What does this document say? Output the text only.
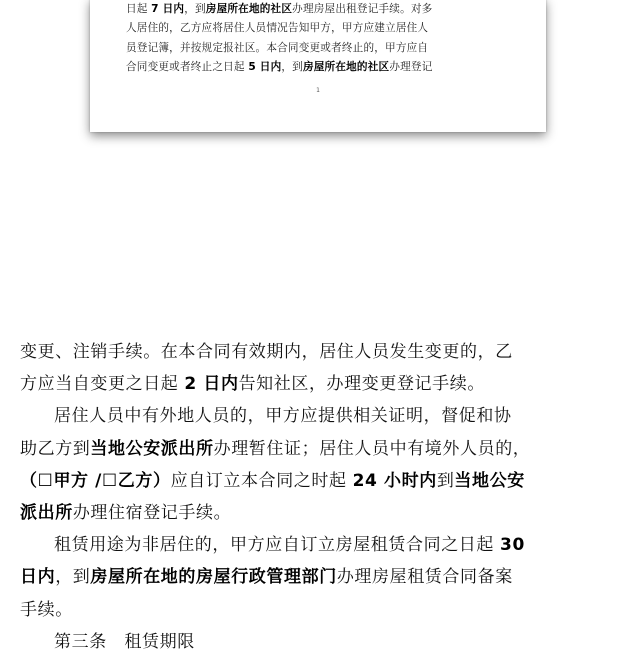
日起 7 日内，到房屋所在地的社区办理房屋出租登记手续。对多
人居住的，乙方应将居住人员情况告知甲方，甲方应建立居住人
员登记簿，并按规定报社区。本合同变更或者终止的，甲方应自
合同变更或者终止之日起 5 日内，到房屋所在地的社区办理登记
1
变更、注销手续。在本合同有效期内，居住人员发生变更的，乙
方应当自变更之日起 2 日内告知社区，办理变更登记手续。
居住人员中有外地人员的，甲方应提供相关证明，督促和协
助乙方到当地公安派出所办理暂住证；居住人员中有境外人员的，
（☐甲方 /☐乙方）应自订立本合同之时起 24 小时内到当地公安
派出所办理住宿登记手续。
租赁用途为非居住的，甲方应自订立房屋租赁合同之日起 30
日内，到房屋所在地的房屋行政管理部门办理房屋租赁合同备案
手续。
第三条　租赁期限
